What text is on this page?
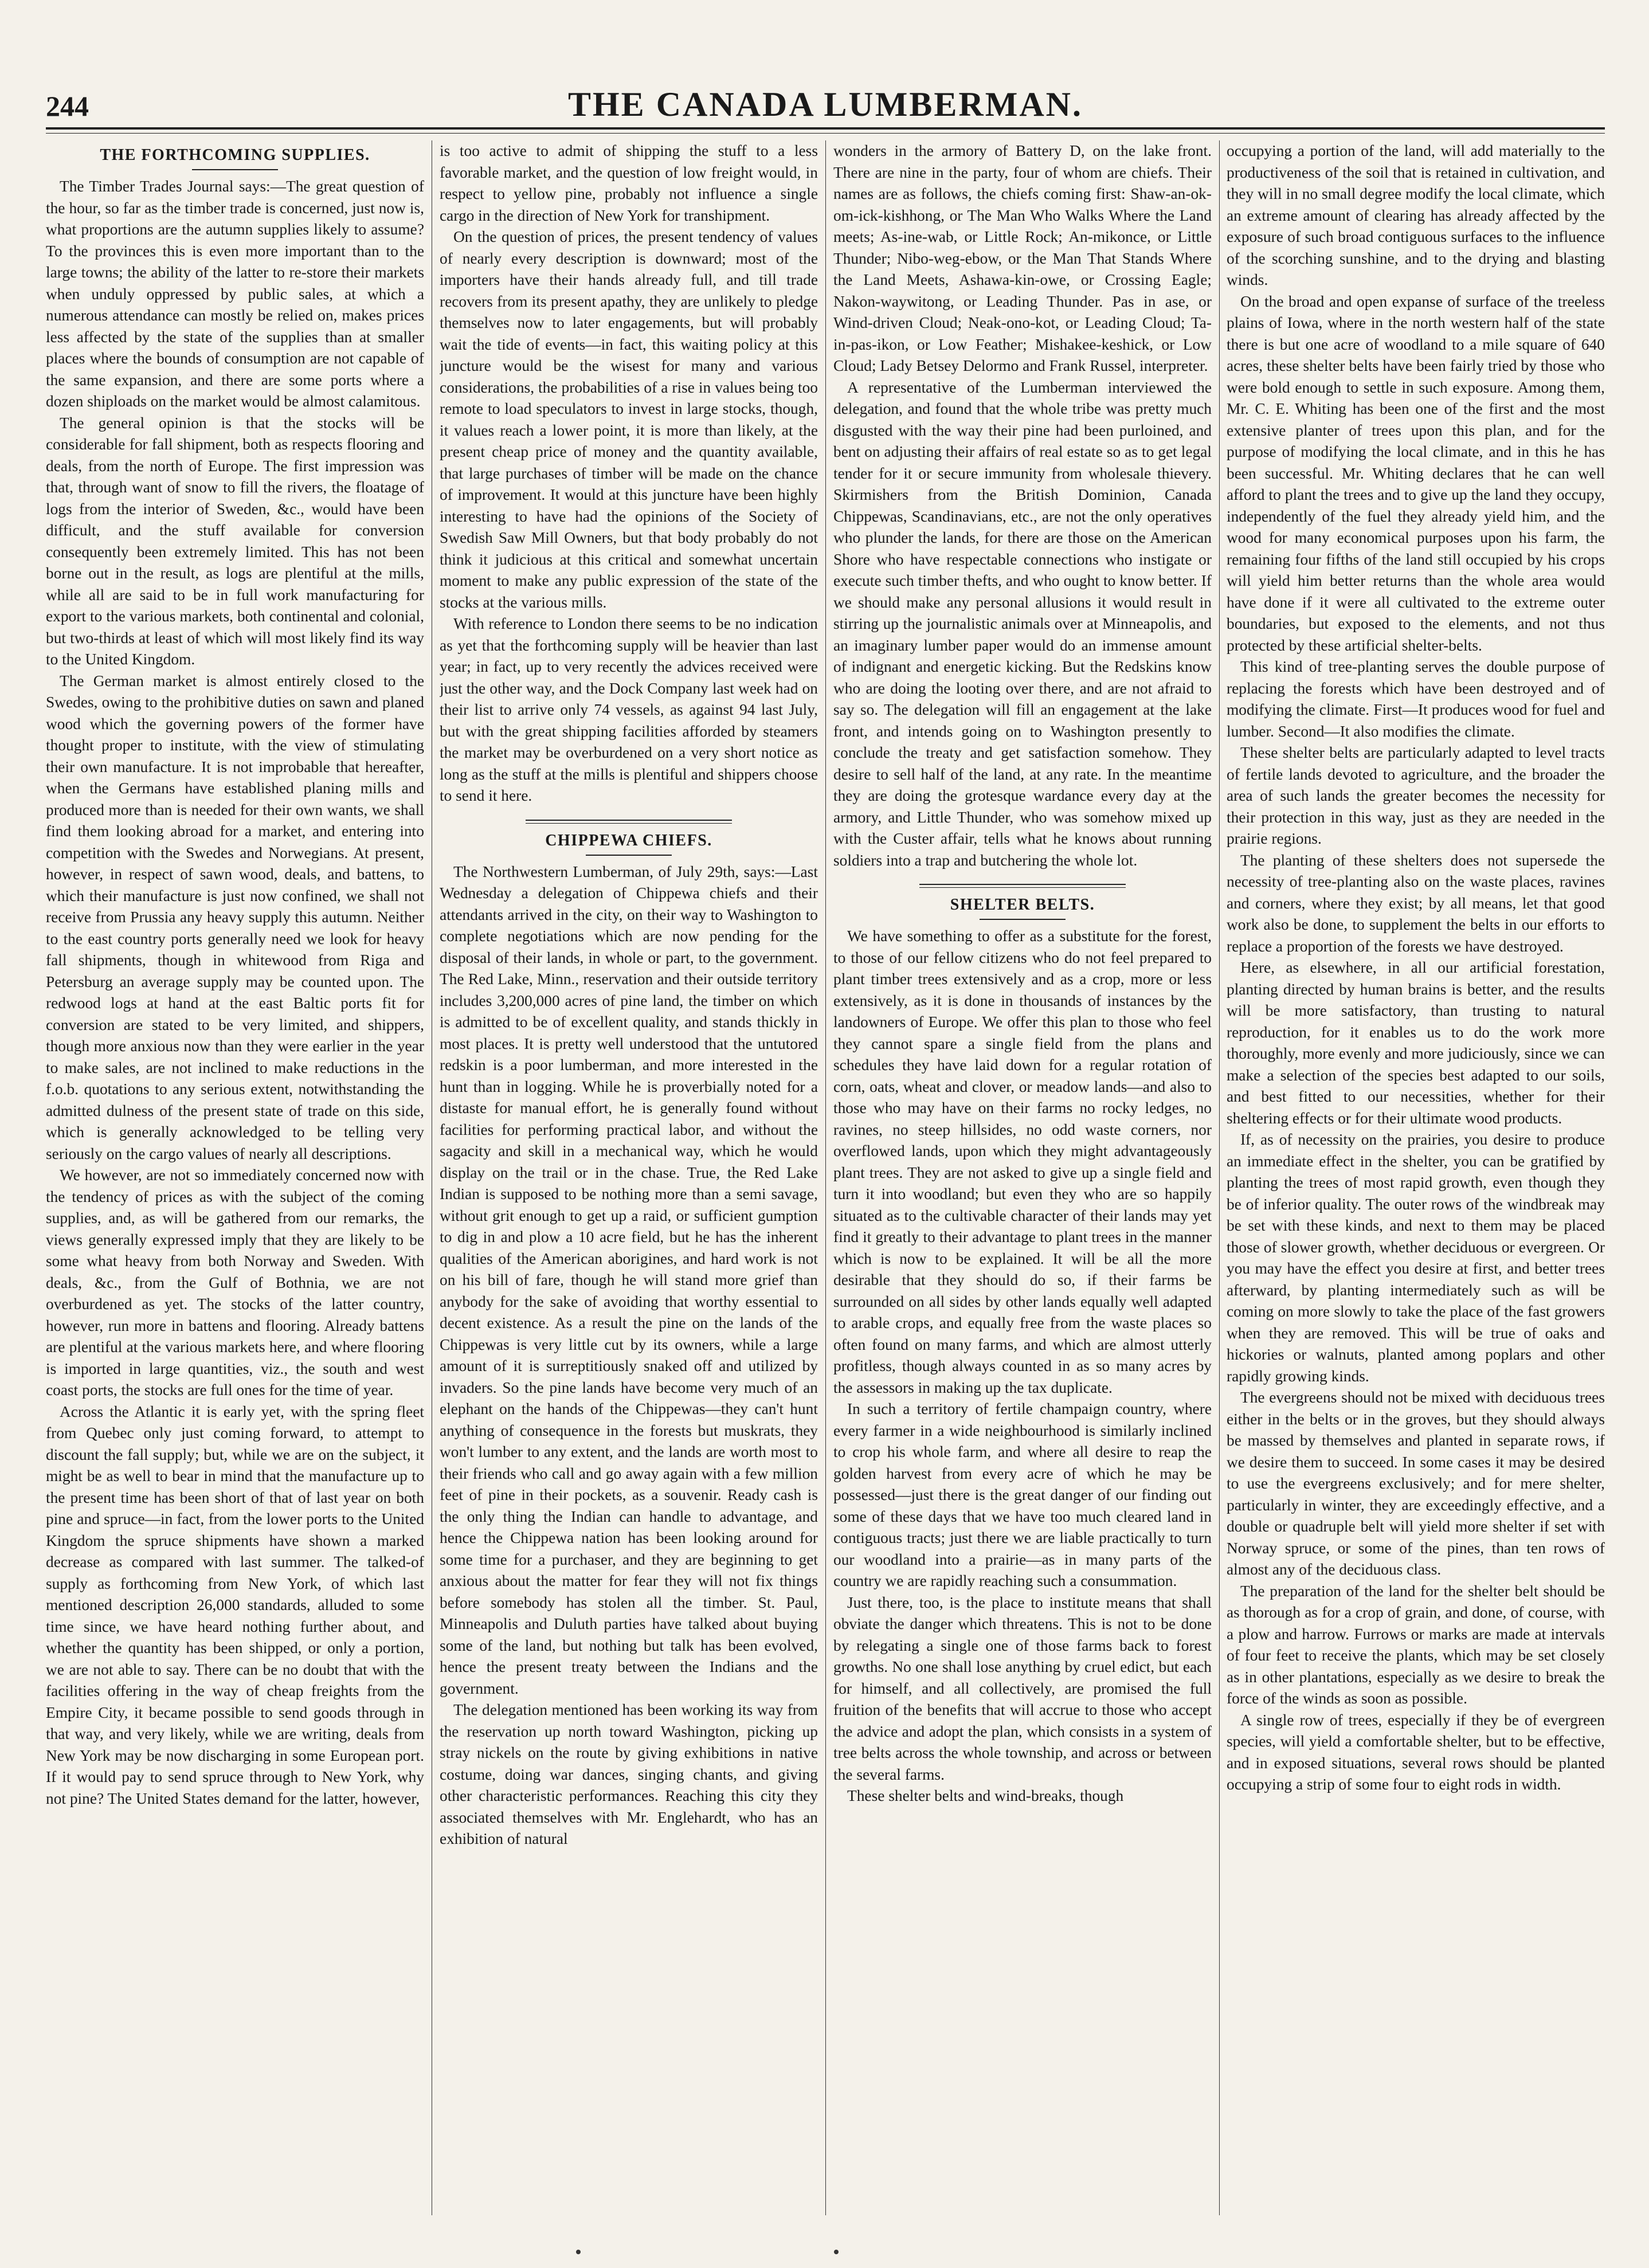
244	THE CANADA LUMBERMAN.
THE FORTHCOMING SUPPLIES.

The Timber Trades Journal says:—The great question of the hour, so far as the timber trade is concerned, just now is, what proportions are the autumn supplies likely to assume? To the provinces this is even more important than to the large towns; the ability of the latter to re-store their markets when unduly oppressed by public sales, at which a numerous attendance can mostly be relied on, makes prices less affected by the state of the supplies than at smaller places where the bounds of consumption are not capable of the same expansion, and there are some ports where a dozen shiploads on the market would be almost calamitous.

The general opinion is that the stocks will be considerable for fall shipment, both as respects flooring and deals, from the north of Europe. The first impression was that, through want of snow to fill the rivers, the floatage of logs from the interior of Sweden, &c., would have been difficult, and the stuff available for conversion consequently been extremely limited. This has not been borne out in the result, as logs are plentiful at the mills, while all are said to be in full work manufacturing for export to the various markets, both continental and colonial, but two-thirds at least of which will most likely find its way to the United Kingdom.

The German market is almost entirely closed to the Swedes, owing to the prohibitive duties on sawn and planed wood which the governing powers of the former have thought proper to institute, with the view of stimulating their own manufacture. It is not improbable that hereafter, when the Germans have established planing mills and produced more than is needed for their own wants, we shall find them looking abroad for a market, and entering into competition with the Swedes and Norwegians. At present, however, in respect of sawn wood, deals, and battens, to which their manufacture is just now confined, we shall not receive from Prussia any heavy supply this autumn. Neither to the east country ports generally need we look for heavy fall shipments, though in whitewood from Riga and Petersburg an average supply may be counted upon. The redwood logs at hand at the east Baltic ports fit for conversion are stated to be very limited, and shippers, though more anxious now than they were earlier in the year to make sales, are not inclined to make reductions in the f.o.b. quotations to any serious extent, notwithstanding the admitted dulness of the present state of trade on this side, which is generally acknowledged to be telling very seriously on the cargo values of nearly all descriptions.

We however, are not so immediately concerned now with the tendency of prices as with the subject of the coming supplies, and, as will be gathered from our remarks, the views generally expressed imply that they are likely to be some what heavy from both Norway and Sweden. With deals, &c., from the Gulf of Bothnia, we are not overburdened as yet. The stocks of the latter country, however, run more in battens and flooring. Already battens are plentiful at the various markets here, and where flooring is imported in large quantities, viz., the south and west coast ports, the stocks are full ones for the time of year.

Across the Atlantic it is early yet, with the spring fleet from Quebec only just coming forward, to attempt to discount the fall supply; but, while we are on the subject, it might be as well to bear in mind that the manufacture up to the present time has been short of that of last year on both pine and spruce—in fact, from the lower ports to the United Kingdom the spruce shipments have shown a marked decrease as compared with last summer. The talked-of supply as forthcoming from New York, of which last mentioned description 26,000 standards, alluded to some time since, we have heard nothing further about, and whether the quantity has been shipped, or only a portion, we are not able to say. There can be no doubt that with the facilities offering in the way of cheap freights from the Empire City, it became possible to send goods through in that way, and very likely, while we are writing, deals from New York may be now discharging in some European port. If it would pay to send spruce through to New York, why not pine? The United States demand for the latter, however,

is too active to admit of shipping the stuff to a less favorable market, and the question of low freight would, in respect to yellow pine, probably not influence a single cargo in the direction of New York for transhipment.

On the question of prices, the present tendency of values of nearly every description is downward; most of the importers have their hands already full, and till trade recovers from its present apathy, they are unlikely to pledge themselves now to later engagements, but will probably wait the tide of events—in fact, this waiting policy at this juncture would be the wisest for many and various considerations, the probabilities of a rise in values being too remote to load speculators to invest in large stocks, though, it values reach a lower point, it is more than likely, at the present cheap price of money and the quantity available, that large purchases of timber will be made on the chance of improvement. It would at this juncture have been highly interesting to have had the opinions of the Society of Swedish Saw Mill Owners, but that body probably do not think it judicious at this critical and somewhat uncertain moment to make any public expression of the state of the stocks at the various mills.

With reference to London there seems to be no indication as yet that the forthcoming supply will be heavier than last year; in fact, up to very recently the advices received were just the other way, and the Dock Company last week had on their list to arrive only 74 vessels, as against 94 last July, but with the great shipping facilities afforded by steamers the market may be overburdened on a very short notice as long as the stuff at the mills is plentiful and shippers choose to send it here.

CHIPPEWA CHIEFS.

The Northwestern Lumberman, of July 29th, says:—Last Wednesday a delegation of Chippewa chiefs and their attendants arrived in the city, on their way to Washington to complete negotiations which are now pending for the disposal of their lands, in whole or part, to the government. The Red Lake, Minn., reservation and their outside territory includes 3,200,000 acres of pine land, the timber on which is admitted to be of excellent quality, and stands thickly in most places. It is pretty well understood that the untutored redskin is a poor lumberman, and more interested in the hunt than in logging. While he is proverbially noted for a distaste for manual effort, he is generally found without facilities for performing practical labor, and without the sagacity and skill in a mechanical way, which he would display on the trail or in the chase. True, the Red Lake Indian is supposed to be nothing more than a semi savage, without grit enough to get up a raid, or sufficient gumption to dig in and plow a 10 acre field, but he has the inherent qualities of the American aborigines, and hard work is not on his bill of fare, though he will stand more grief than anybody for the sake of avoiding that worthy essential to decent existence. As a result the pine on the lands of the Chippewas is very little cut by its owners, while a large amount of it is surreptitiously snaked off and utilized by invaders. So the pine lands have become very much of an elephant on the hands of the Chippewas—they can't hunt anything of consequence in the forests but muskrats, they won't lumber to any extent, and the lands are worth most to their friends who call and go away again with a few million feet of pine in their pockets, as a souvenir. Ready cash is the only thing the Indian can handle to advantage, and hence the Chippewa nation has been looking around for some time for a purchaser, and they are beginning to get anxious about the matter for fear they will not fix things before somebody has stolen all the timber. St. Paul, Minneapolis and Duluth parties have talked about buying some of the land, but nothing but talk has been evolved, hence the present treaty between the Indians and the government.

The delegation mentioned has been working its way from the reservation up north toward Washington, picking up stray nickels on the route by giving exhibitions in native costume, doing war dances, singing chants, and giving other characteristic performances. Reaching this city they associated themselves with Mr. Englehardt, who has an exhibition of natural

wonders in the armory of Battery D, on the lake front. There are nine in the party, four of whom are chiefs. Their names are as follows, the chiefs coming first: Shaw-an-ok-om-ick-kishhong, or The Man Who Walks Where the Land meets; As-ine-wab, or Little Rock; An-mikonce, or Little Thunder; Nibo-weg-ebow, or the Man That Stands Where the Land Meets, Ashawa-kin-owe, or Crossing Eagle; Nakon-waywitong, or Leading Thunder. Pas in ase, or Wind-driven Cloud; Neak-ono-kot, or Leading Cloud; Ta-in-pas-ikon, or Low Feather; Mishakee-keshick, or Low Cloud; Lady Betsey Delormo and Frank Russel, interpreter.

A representative of the Lumberman interviewed the delegation, and found that the whole tribe was pretty much disgusted with the way their pine had been purloined, and bent on adjusting their affairs of real estate so as to get legal tender for it or secure immunity from wholesale thievery. Skirmishers from the British Dominion, Canada Chippewas, Scandinavians, etc., are not the only operatives who plunder the lands, for there are those on the American Shore who have respectable connections who instigate or execute such timber thefts, and who ought to know better. If we should make any personal allusions it would result in stirring up the journalistic animals over at Minneapolis, and an imaginary lumber paper would do an immense amount of indignant and energetic kicking. But the Redskins know who are doing the looting over there, and are not afraid to say so. The delegation will fill an engagement at the lake front, and intends going on to Washington presently to conclude the treaty and get satisfaction somehow. They desire to sell half of the land, at any rate. In the meantime they are doing the grotesque wardance every day at the armory, and Little Thunder, who was somehow mixed up with the Custer affair, tells what he knows about running soldiers into a trap and butchering the whole lot.

SHELTER BELTS.

We have something to offer as a substitute for the forest, to those of our fellow citizens who do not feel prepared to plant timber trees extensively and as a crop, more or less extensively, as it is done in thousands of instances by the landowners of Europe. We offer this plan to those who feel they cannot spare a single field from the plans and schedules they have laid down for a regular rotation of corn, oats, wheat and clover, or meadow lands—and also to those who may have on their farms no rocky ledges, no ravines, no steep hillsides, no odd waste corners, nor overflowed lands, upon which they might advantageously plant trees. They are not asked to give up a single field and turn it into woodland; but even they who are so happily situated as to the cultivable character of their lands may yet find it greatly to their advantage to plant trees in the manner which is now to be explained. It will be all the more desirable that they should do so, if their farms be surrounded on all sides by other lands equally well adapted to arable crops, and equally free from the waste places so often found on many farms, and which are almost utterly profitless, though always counted in as so many acres by the assessors in making up the tax duplicate.

In such a territory of fertile champaign country, where every farmer in a wide neighbourhood is similarly inclined to crop his whole farm, and where all desire to reap the golden harvest from every acre of which he may be possessed—just there is the great danger of our finding out some of these days that we have too much cleared land in contiguous tracts; just there we are liable practically to turn our woodland into a prairie—as in many parts of the country we are rapidly reaching such a consummation.

Just there, too, is the place to institute means that shall obviate the danger which threatens. This is not to be done by relegating a single one of those farms back to forest growths. No one shall lose anything by cruel edict, but each for himself, and all collectively, are promised the full fruition of the benefits that will accrue to those who accept the advice and adopt the plan, which consists in a system of tree belts across the whole township, and across or between the several farms.

These shelter belts and wind-breaks, though

occupying a portion of the land, will add materially to the productiveness of the soil that is retained in cultivation, and they will in no small degree modify the local climate, which an extreme amount of clearing has already affected by the exposure of such broad contiguous surfaces to the influence of the scorching sunshine, and to the drying and blasting winds.

On the broad and open expanse of surface of the treeless plains of Iowa, where in the north western half of the state there is but one acre of woodland to a mile square of 640 acres, these shelter belts have been fairly tried by those who were bold enough to settle in such exposure. Among them, Mr. C. E. Whiting has been one of the first and the most extensive planter of trees upon this plan, and for the purpose of modifying the local climate, and in this he has been successful. Mr. Whiting declares that he can well afford to plant the trees and to give up the land they occupy, independently of the fuel they already yield him, and the wood for many economical purposes upon his farm, the remaining four fifths of the land still occupied by his crops will yield him better returns than the whole area would have done if it were all cultivated to the extreme outer boundaries, but exposed to the elements, and not thus protected by these artificial shelter-belts.

This kind of tree-planting serves the double purpose of replacing the forests which have been destroyed and of modifying the climate. First—It produces wood for fuel and lumber. Second—It also modifies the climate.

These shelter belts are particularly adapted to level tracts of fertile lands devoted to agriculture, and the broader the area of such lands the greater becomes the necessity for their protection in this way, just as they are needed in the prairie regions.

The planting of these shelters does not supersede the necessity of tree-planting also on the waste places, ravines and corners, where they exist; by all means, let that good work also be done, to supplement the belts in our efforts to replace a proportion of the forests we have destroyed.

Here, as elsewhere, in all our artificial forestation, planting directed by human brains is better, and the results will be more satisfactory, than trusting to natural reproduction, for it enables us to do the work more thoroughly, more evenly and more judiciously, since we can make a selection of the species best adapted to our soils, and best fitted to our necessities, whether for their sheltering effects or for their ultimate wood products.

If, as of necessity on the prairies, you desire to produce an immediate effect in the shelter, you can be gratified by planting the trees of most rapid growth, even though they be of inferior quality. The outer rows of the windbreak may be set with these kinds, and next to them may be placed those of slower growth, whether deciduous or evergreen. Or you may have the effect you desire at first, and better trees afterward, by planting intermediately such as will be coming on more slowly to take the place of the fast growers when they are removed. This will be true of oaks and hickories or walnuts, planted among poplars and other rapidly growing kinds.

The evergreens should not be mixed with deciduous trees either in the belts or in the groves, but they should always be massed by themselves and planted in separate rows, if we desire them to succeed. In some cases it may be desired to use the evergreens exclusively; and for mere shelter, particularly in winter, they are exceedingly effective, and a double or quadruple belt will yield more shelter if set with Norway spruce, or some of the pines, than ten rows of almost any of the deciduous class.

The preparation of the land for the shelter belt should be as thorough as for a crop of grain, and done, of course, with a plow and harrow. Furrows or marks are made at intervals of four feet to receive the plants, which may be set closely as in other plantations, especially as we desire to break the force of the winds as soon as possible.

A single row of trees, especially if they be of evergreen species, will yield a comfortable shelter, but to be effective, and in exposed situations, several rows should be planted occupying a strip of some four to eight rods in width.
